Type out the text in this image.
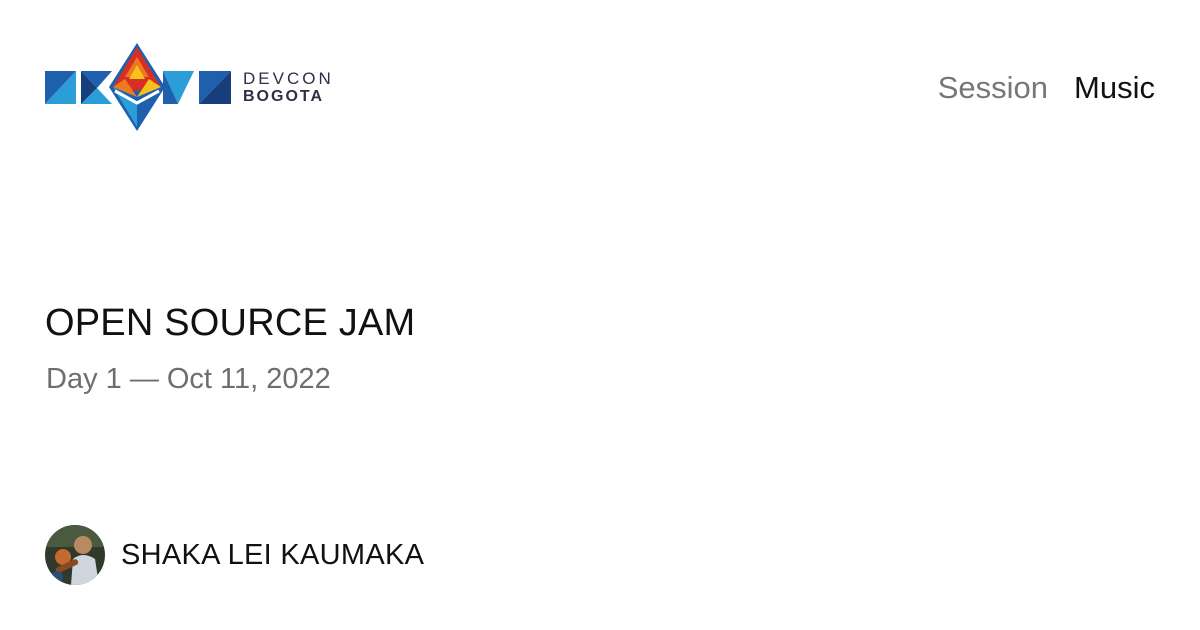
DEVCON
BOGOTA	Session Music
OPEN SOURCE JAM
Day 1 — Oct 11, 2022
SHAKA LEI KAUMAKA
